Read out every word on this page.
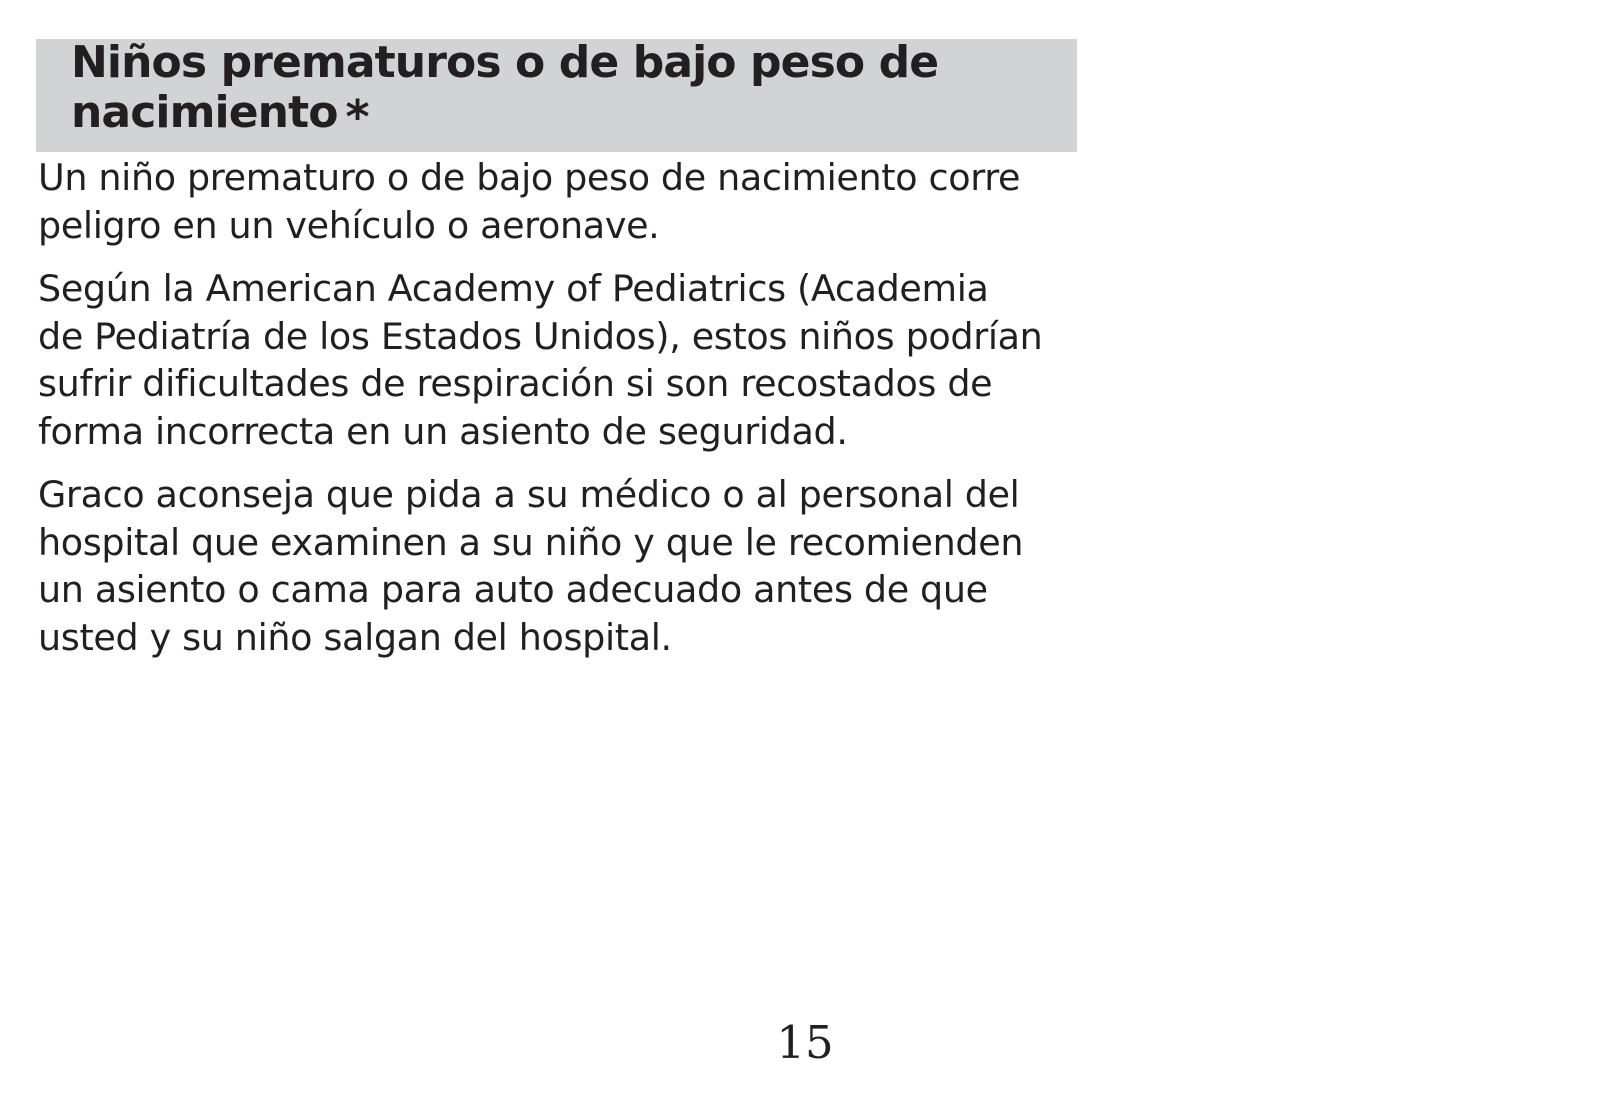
Niños prematuros o de bajo peso de
nacimiento *

Un niño prematuro o de bajo peso de nacimiento corre
peligro en un vehículo o aeronave.

Según la American Academy of Pediatrics (Academia
de Pediatría de los Estados Unidos), estos niños podrían
sufrir dificultades de respiración si son recostados de
forma incorrecta en un asiento de seguridad.

Graco aconseja que pida a su médico o al personal del
hospital que examinen a su niño y que le recomienden
un asiento o cama para auto adecuado antes de que
usted y su niño salgan del hospital.

15
